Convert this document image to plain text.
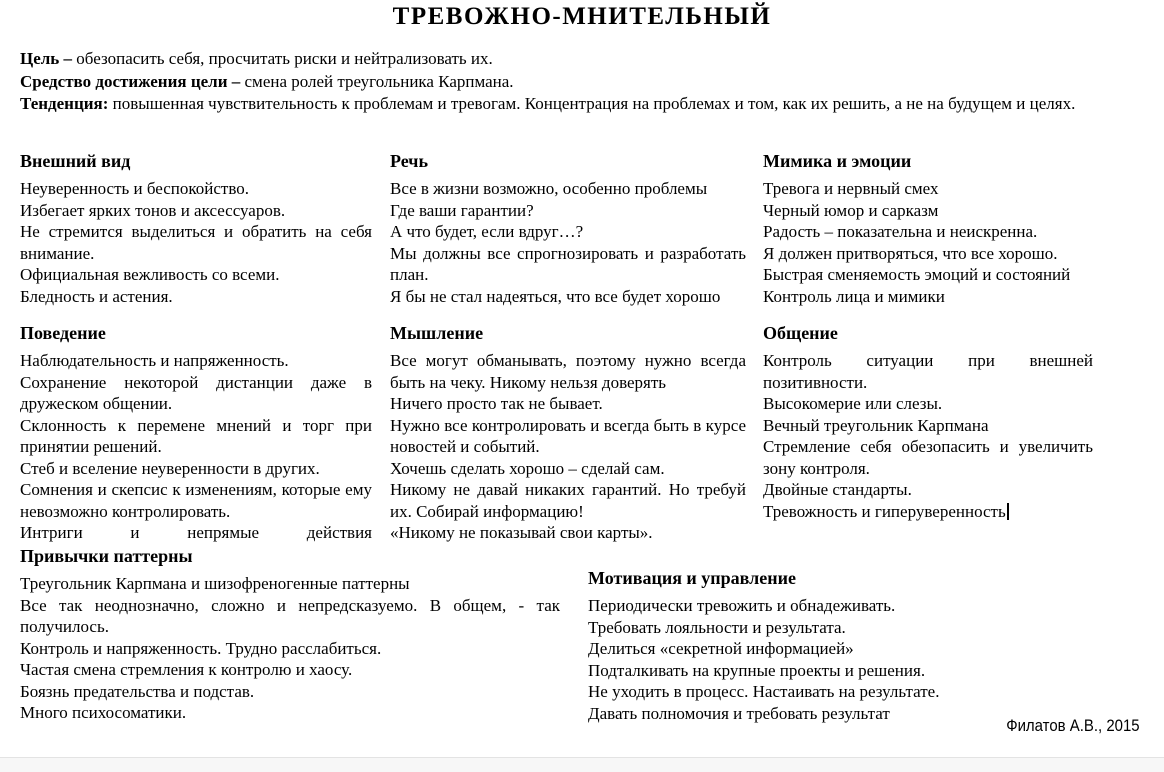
ТРЕВОЖНО-МНИТЕЛЬНЫЙ

Цель – обезопасить себя, просчитать риски и нейтрализовать их.

Средство достижения цели – смена ролей треугольника Карпмана.

Тенденция: повышенная чувствительность к проблемам и тревогам. Концентрация на проблемах и том, как их решить, а не на будущем и целях.

Внешний вид
Неуверенность и беспокойство.
Избегает ярких тонов и аксессуаров.
Не стремится выделиться и обратить на себя внимание.
Официальная вежливость со всеми.
Бледность и астения.
Речь
Все в жизни возможно, особенно проблемы
Где ваши гарантии?
А что будет, если вдруг…?
Мы должны все спрогнозировать и разработать план.
Я бы не стал надеяться, что все будет хорошо
Мимика и эмоции
Тревога и нервный смех
Черный юмор и сарказм
Радость – показательна и неискренна.
Я должен притворяться, что все хорошо.
Быстрая сменяемость эмоций и состояний
Контроль лица и мимики
Поведение
Наблюдательность и напряженность.
Сохранение некоторой дистанции даже в дружеском общении.
Склонность к перемене мнений и торг при принятии решений.
Стеб и вселение неуверенности в других.
Сомнения и скепсис к изменениям, которые ему невозможно контролировать.
Интриги и непрямые действия
Мышление
Все могут обманывать, поэтому нужно всегда быть на чеку. Никому нельзя доверять
Ничего просто так не бывает.
Нужно все контролировать и всегда быть в курсе новостей и событий.
Хочешь сделать хорошо – сделай сам.
Никому не давай никаких гарантий. Но требуй их. Собирай информацию!
«Никому не показывай свои карты».
Общение
Контроль ситуации при внешней позитивности.
Высокомерие или слезы.
Вечный треугольник Карпмана
Стремление себя обезопасить и увеличить зону контроля.
Двойные стандарты.
Тревожность и гиперуверенность
Привычки паттерны
Треугольник Карпмана и шизофреногенные паттерны
Все так неоднозначно, сложно и непредсказуемо. В общем, - так получилось.
Контроль и напряженность. Трудно расслабиться.
Частая смена стремления к контролю и хаосу.
Боязнь предательства и подстав.
Много психосоматики.
Мотивация и управление
Периодически тревожить и обнадеживать.
Требовать лояльности и результата.
Делиться «секретной информацией»
Подталкивать на крупные проекты и решения.
Не уходить в процесс. Настаивать на результате.
Давать полномочия и требовать результат
Филатов А.В., 2015
